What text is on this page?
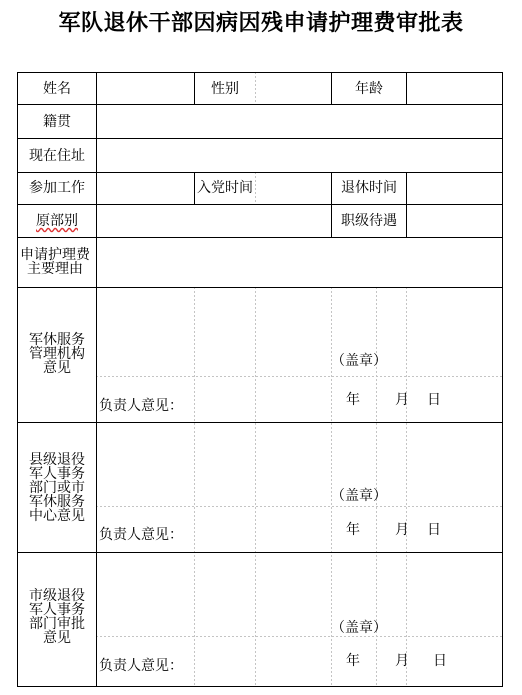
军队退休干部因病因残申请护理费审批表
姓名	性别	年龄
籍贯
现在住址
参加工作	入党时间	退休时间
原部别	职级待遇
申请护理费主要理由
军休服务管理机构意见	（盖章）
负责人意见：	年	月 日
县级退役军人事务部门或市军休服务中心意见
（盖章）
负责人意见：	年	月 日
市级退役军人事务部门审批意见
（盖章）
负责人意见：	年	月 日
